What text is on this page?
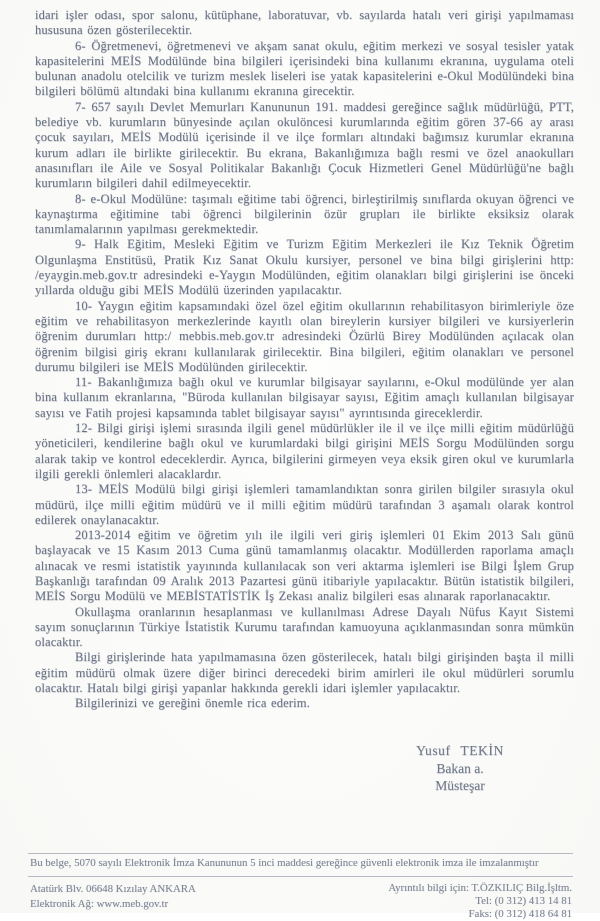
idari işler odası, spor salonu, kütüphane, laboratuvar, vb. sayılarda hatalı veri girişi yapılmaması hususuna özen gösterilecektir.

6- Öğretmenevi, öğretmenevi ve akşam sanat okulu, eğitim merkezi ve sosyal tesisler yatak kapasitelerini MEİS Modülünde bina bilgileri içerisindeki bina kullanımı ekranına, uygulama oteli bulunan anadolu otelcilik ve turizm meslek liseleri ise yatak kapasitelerini e-Okul Modülündeki bina bilgileri bölümü altındaki bina kullanımı ekranına girecektir.

7- 657 sayılı Devlet Memurları Kanununun 191. maddesi gereğince sağlık müdürlüğü, PTT, belediye vb. kurumların bünyesinde açılan okulöncesi kurumlarında eğitim gören 37-66 ay arası çocuk sayıları, MEİS Modülü içerisinde il ve ilçe formları altındaki bağımsız kurumlar ekranına kurum adları ile birlikte girilecektir. Bu ekrana, Bakanlığımıza bağlı resmi ve özel anaokulları anasınıfları ile Aile ve Sosyal Politikalar Bakanlığı Çocuk Hizmetleri Genel Müdürlüğü'ne bağlı kurumların bilgileri dahil edilmeyecektir.

8- e-Okul Modülüne: taşımalı eğitime tabi öğrenci, birleştirilmiş sınıflarda okuyan öğrenci ve kaynaştırma eğitimine tabi öğrenci bilgilerinin özür grupları ile birlikte eksiksiz olarak tanımlamalarının yapılması gerekmektedir.

9- Halk Eğitim, Mesleki Eğitim ve Turizm Eğitim Merkezleri ile Kız Teknik Öğretim Olgunlaşma Enstitüsü, Pratik Kız Sanat Okulu kursiyer, personel ve bina bilgi girişlerini http: /eyaygin.meb.gov.tr adresindeki e-Yaygın Modülünden, eğitim olanakları bilgi girişlerini ise önceki yıllarda olduğu gibi MEİS Modülü üzerinden yapılacaktır.

10- Yaygın eğitim kapsamındaki özel özel eğitim okullarının rehabilitasyon birimleriyle öze eğitim ve rehabilitasyon merkezlerinde kayıtlı olan bireylerin kursiyer bilgileri ve kursiyerlerin öğrenim durumları http:/ mebbis.meb.gov.tr adresindeki Özürlü Birey Modülünden açılacak olan öğrenim bilgisi giriş ekranı kullanılarak girilecektir. Bina bilgileri, eğitim olanakları ve personel durumu bilgileri ise MEİS Modülünden girilecektir.

11- Bakanlığımıza bağlı okul ve kurumlar bilgisayar sayılarını, e-Okul modülünde yer alan bina kullanım ekranlarına, "Büroda kullanılan bilgisayar sayısı, Eğitim amaçlı kullanılan bilgisayar sayısı ve Fatih projesi kapsamında tablet bilgisayar sayısı" ayrıntısında gireceklerdir.

12- Bilgi girişi işlemi sırasında ilgili genel müdürlükler ile il ve ilçe milli eğitim müdürlüğü yöneticileri, kendilerine bağlı okul ve kurumlardaki bilgi girişini MEİS Sorgu Modülünden sorgu alarak takip ve kontrol edeceklerdir. Ayrıca, bilgilerini girmeyen veya eksik giren okul ve kurumlarla ilgili gerekli önlemleri alacaklardır.

13- MEİS Modülü bilgi girişi işlemleri tamamlandıktan sonra girilen bilgiler sırasıyla okul müdürü, ilçe milli eğitim müdürü ve il milli eğitim müdürü tarafından 3 aşamalı olarak kontrol edilerek onaylanacaktır.

2013-2014 eğitim ve öğretim yılı ile ilgili veri giriş işlemleri 01 Ekim 2013 Salı günü başlayacak ve 15 Kasım 2013 Cuma günü tamamlanmış olacaktır. Modüllerden raporlama amaçlı alınacak ve resmi istatistik yayınında kullanılacak son veri aktarma işlemleri ise Bilgi İşlem Grup Başkanlığı tarafından 09 Aralık 2013 Pazartesi günü itibariyle yapılacaktır. Bütün istatistik bilgileri, MEİS Sorgu Modülü ve MEBİSTATİSTİK İş Zekası analiz bilgileri esas alınarak raporlanacaktır.

Okullaşma oranlarının hesaplanması ve kullanılması Adrese Dayalı Nüfus Kayıt Sistemi sayım sonuçlarının Türkiye İstatistik Kurumu tarafından kamuoyuna açıklanmasından sonra mümkün olacaktır.

Bilgi girişlerinde hata yapılmamasına özen gösterilecek, hatalı bilgi girişinden başta il milli eğitim müdürü olmak üzere diğer birinci derecedeki birim amirleri ile okul müdürleri sorumlu olacaktır. Hatalı bilgi girişi yapanlar hakkında gerekli idari işlemler yapılacaktır.

Bilgilerinizi ve gereğini önemle rica ederim.

Yusuf TEKİN
Bakan a.
Müsteşar
Bu belge, 5070 sayılı Elektronik İmza Kanununun 5 inci maddesi gereğince güvenli elektronik imza ile imzalanmıştır
Atatürk Blv. 06648 Kızılay ANKARA
Elektronik Ağ: www.meb.gov.tr
Ayrıntılı bilgi için: T.ÖZKILIÇ Bilg.İşltm.
Tel: (0 312) 413 14 81
Faks: (0 312) 418 64 81
